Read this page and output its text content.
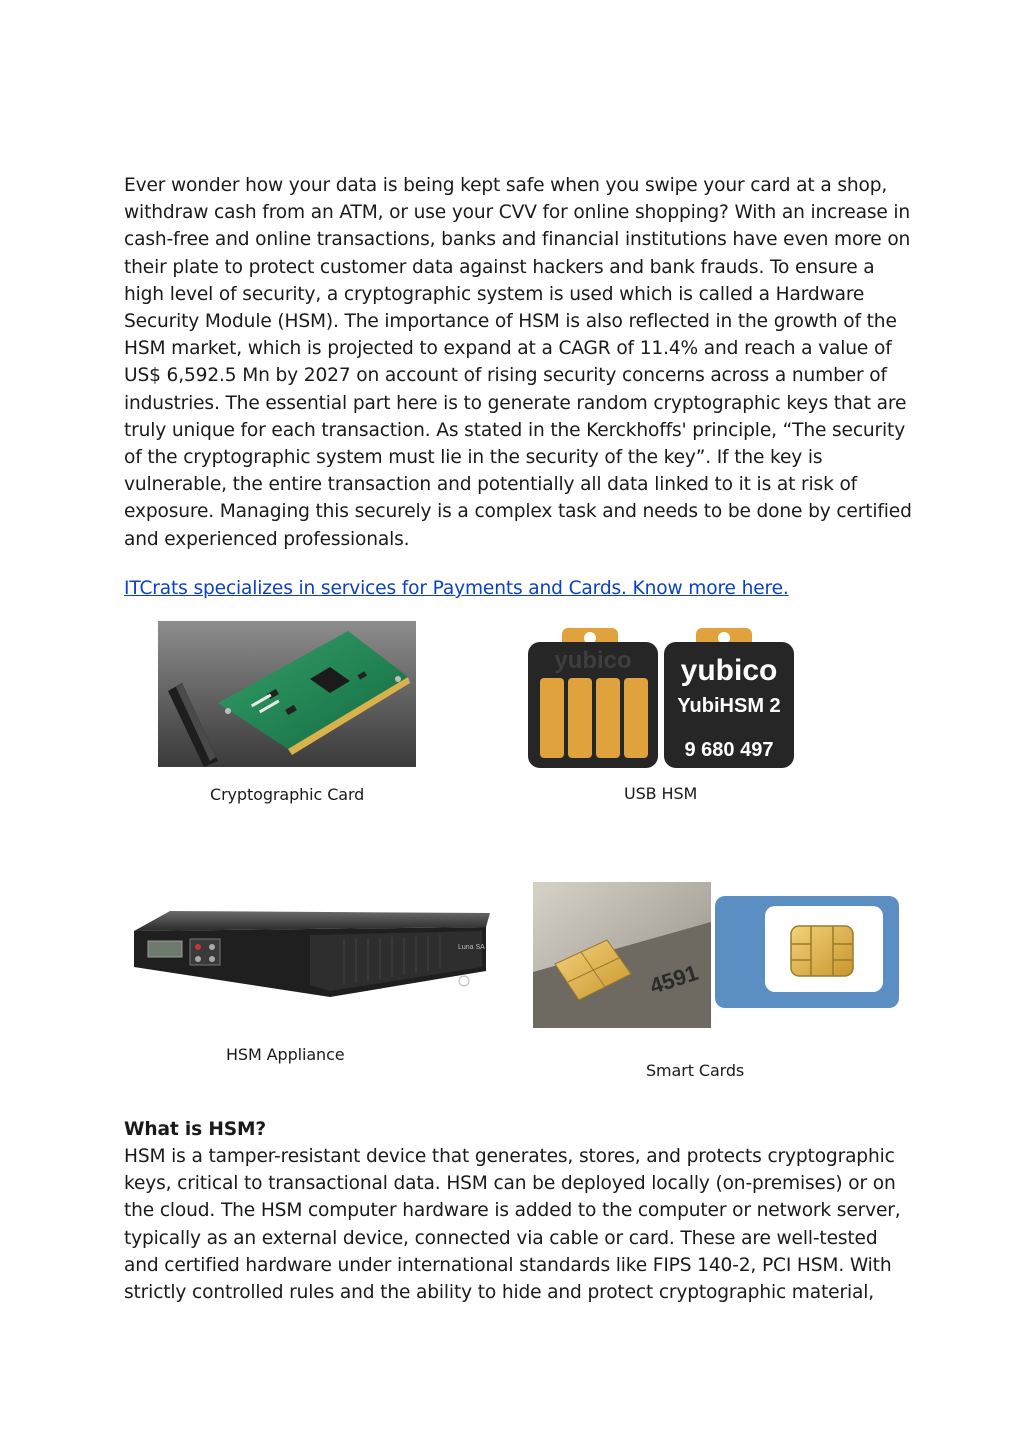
Ever wonder how your data is being kept safe when you swipe your card at a shop, withdraw cash from an ATM, or use your CVV for online shopping? With an increase in cash-free and online transactions, banks and financial institutions have even more on their plate to protect customer data against hackers and bank frauds. To ensure a high level of security, a cryptographic system is used which is called a Hardware Security Module (HSM). The importance of HSM is also reflected in the growth of the HSM market, which is projected to expand at a CAGR of 11.4% and reach a value of US$ 6,592.5 Mn by 2027 on account of rising security concerns across a number of industries. The essential part here is to generate random cryptographic keys that are truly unique for each transaction. As stated in the Kerckhoffs' principle, “The security of the cryptographic system must lie in the security of the key”. If the key is vulnerable, the entire transaction and potentially all data linked to it is at risk of exposure. Managing this securely is a complex task and needs to be done by certified and experienced professionals.

ITCrats specializes in services for Payments and Cards. Know more here.
Cryptographic Card
yubico yubico
YubiHSM 2
9 680 497
USB HSM
Luna SA
HSM Appliance
4591
Smart Cards
What is HSM?

HSM is a tamper-resistant device that generates, stores, and protects cryptographic keys, critical to transactional data. HSM can be deployed locally (on-premises) or on the cloud. The HSM computer hardware is added to the computer or network server, typically as an external device, connected via cable or card. These are well-tested and certified hardware under international standards like FIPS 140-2, PCI HSM. With strictly controlled rules and the ability to hide and protect cryptographic material,
